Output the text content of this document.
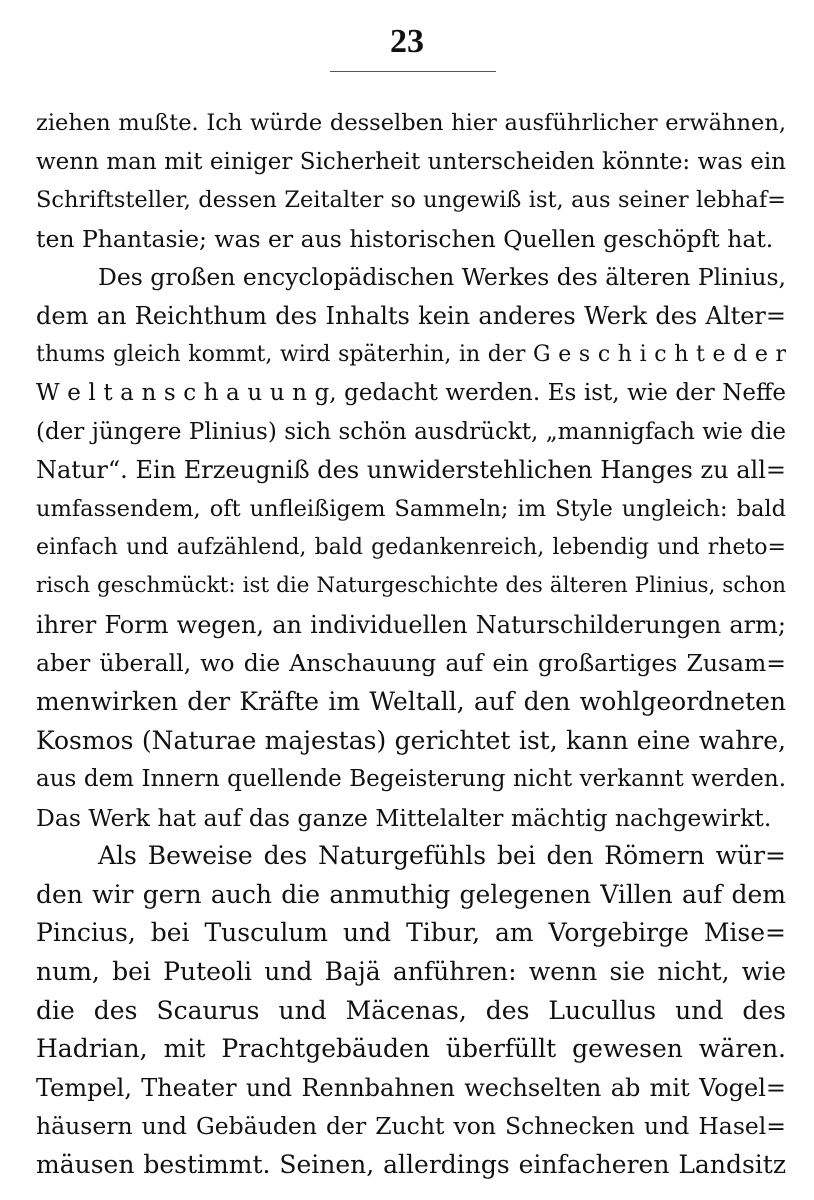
23
ziehen mußte. Ich würde desselben hier ausführlicher erwähnen,
wenn man mit einiger Sicherheit unterscheiden könnte: was ein
Schriftsteller, dessen Zeitalter so ungewiß ist, aus seiner lebhaf=
ten Phantasie; was er aus historischen Quellen geschöpft hat.
Des großen encyclopädischen Werkes des älteren Plinius,
dem an Reichthum des Inhalts kein anderes Werk des Alter=
thums gleich kommt, wird späterhin, in der G e s c h i c h t e d e r
W e l t a n s c h a u u n g, gedacht werden. Es ist, wie der Neffe
(der jüngere Plinius) sich schön ausdrückt, „mannigfach wie die
Natur“. Ein Erzeugniß des unwiderstehlichen Hanges zu all=
umfassendem, oft unfleißigem Sammeln; im Style ungleich: bald
einfach und aufzählend, bald gedankenreich, lebendig und rheto=
risch geschmückt: ist die Naturgeschichte des älteren Plinius, schon
ihrer Form wegen, an individuellen Naturschilderungen arm;
aber überall, wo die Anschauung auf ein großartiges Zusam=
menwirken der Kräfte im Weltall, auf den wohlgeordneten
Kosmos (Naturae majestas) gerichtet ist, kann eine wahre,
aus dem Innern quellende Begeisterung nicht verkannt werden.
Das Werk hat auf das ganze Mittelalter mächtig nachgewirkt.
Als Beweise des Naturgefühls bei den Römern wür=
den wir gern auch die anmuthig gelegenen Villen auf dem
Pincius, bei Tusculum und Tibur, am Vorgebirge Mise=
num, bei Puteoli und Bajä anführen: wenn sie nicht, wie
die des Scaurus und Mäcenas, des Lucullus und des
Hadrian, mit Prachtgebäuden überfüllt gewesen wären.
Tempel, Theater und Rennbahnen wechselten ab mit Vogel=
häusern und Gebäuden der Zucht von Schnecken und Hasel=
mäusen bestimmt. Seinen, allerdings einfacheren Landsitz
